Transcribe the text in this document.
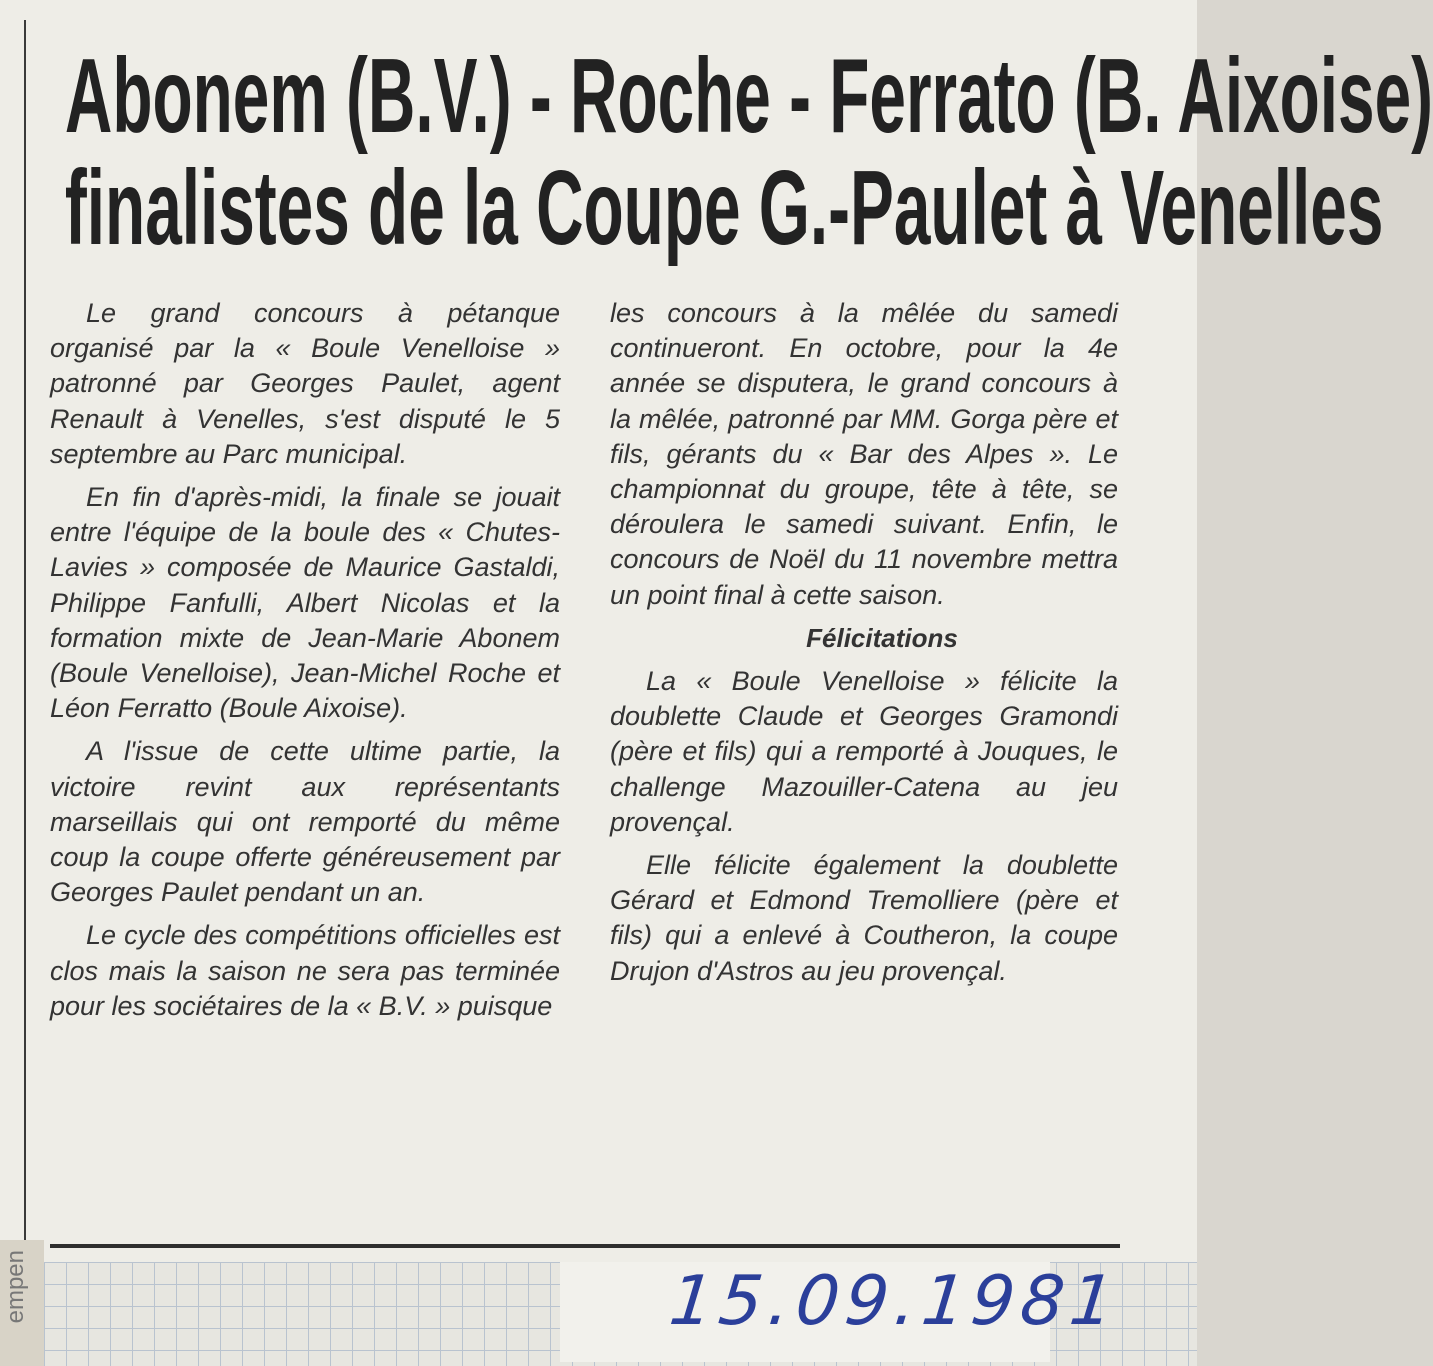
Abonem (B.V.) - Roche - Ferrato (B. Aixoise)
finalistes de la Coupe G.-Paulet à Venelles

Le grand concours à pétanque organisé par la « Boule Venelloise » patronné par Georges Paulet, agent Renault à Venelles, s'est disputé le 5 septembre au Parc municipal.

En fin d'après-midi, la finale se jouait entre l'équipe de la boule des « Chutes-Lavies » composée de Maurice Gastaldi, Philippe Fanfulli, Albert Nicolas et la formation mixte de Jean-Marie Abonem (Boule Venelloise), Jean-Michel Roche et Léon Ferratto (Boule Aixoise).

A l'issue de cette ultime partie, la victoire revint aux représentants marseillais qui ont remporté du même coup la coupe offerte généreusement par Georges Paulet pendant un an.

Le cycle des compétitions officielles est clos mais la saison ne sera pas terminée pour les sociétaires de la « B.V. » puisque

les concours à la mêlée du samedi continueront. En octobre, pour la 4e année se disputera, le grand concours à la mêlée, patronné par MM. Gorga père et fils, gérants du « Bar des Alpes ». Le championnat du groupe, tête à tête, se déroulera le samedi suivant. Enfin, le concours de Noël du 11 novembre mettra un point final à cette saison.

Félicitations

La « Boule Venelloise » félicite la doublette Claude et Georges Gramondi (père et fils) qui a remporté à Jouques, le challenge Mazouiller-Catena au jeu provençal.

Elle félicite également la doublette Gérard et Edmond Tremolliere (père et fils) qui a enlevé à Coutheron, la coupe Drujon d'Astros au jeu provençal.

empen	15.09.1981
